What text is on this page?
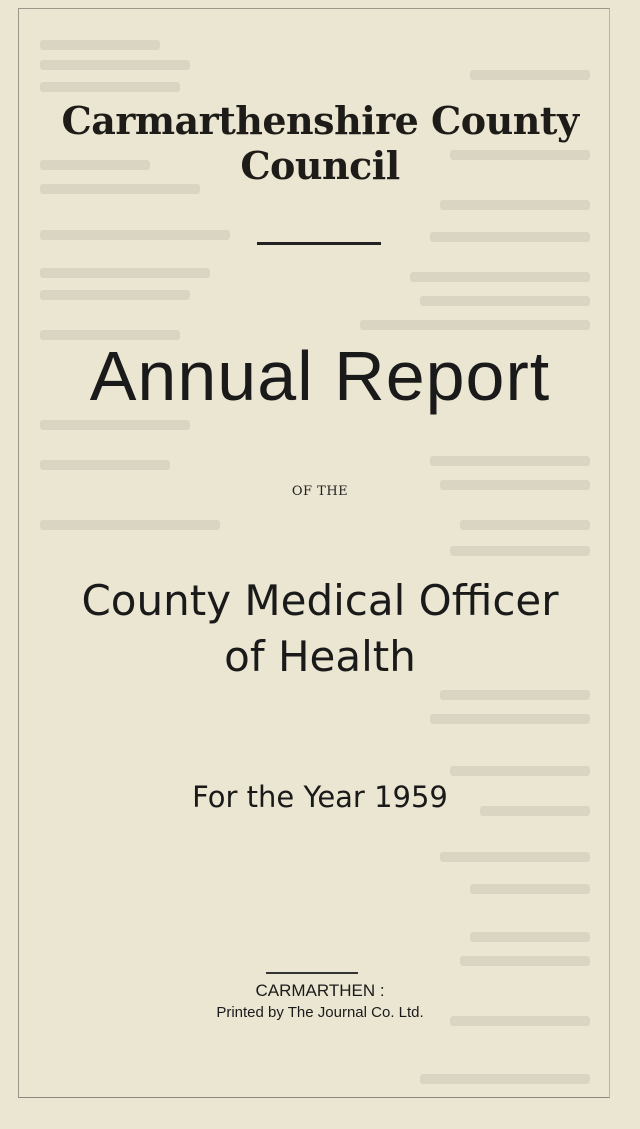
Carmarthenshire County Council
Annual Report
OF THE
County Medical Officer
of Health
For the Year 1959
CARMARTHEN :
Printed by The Journal Co. Ltd.
